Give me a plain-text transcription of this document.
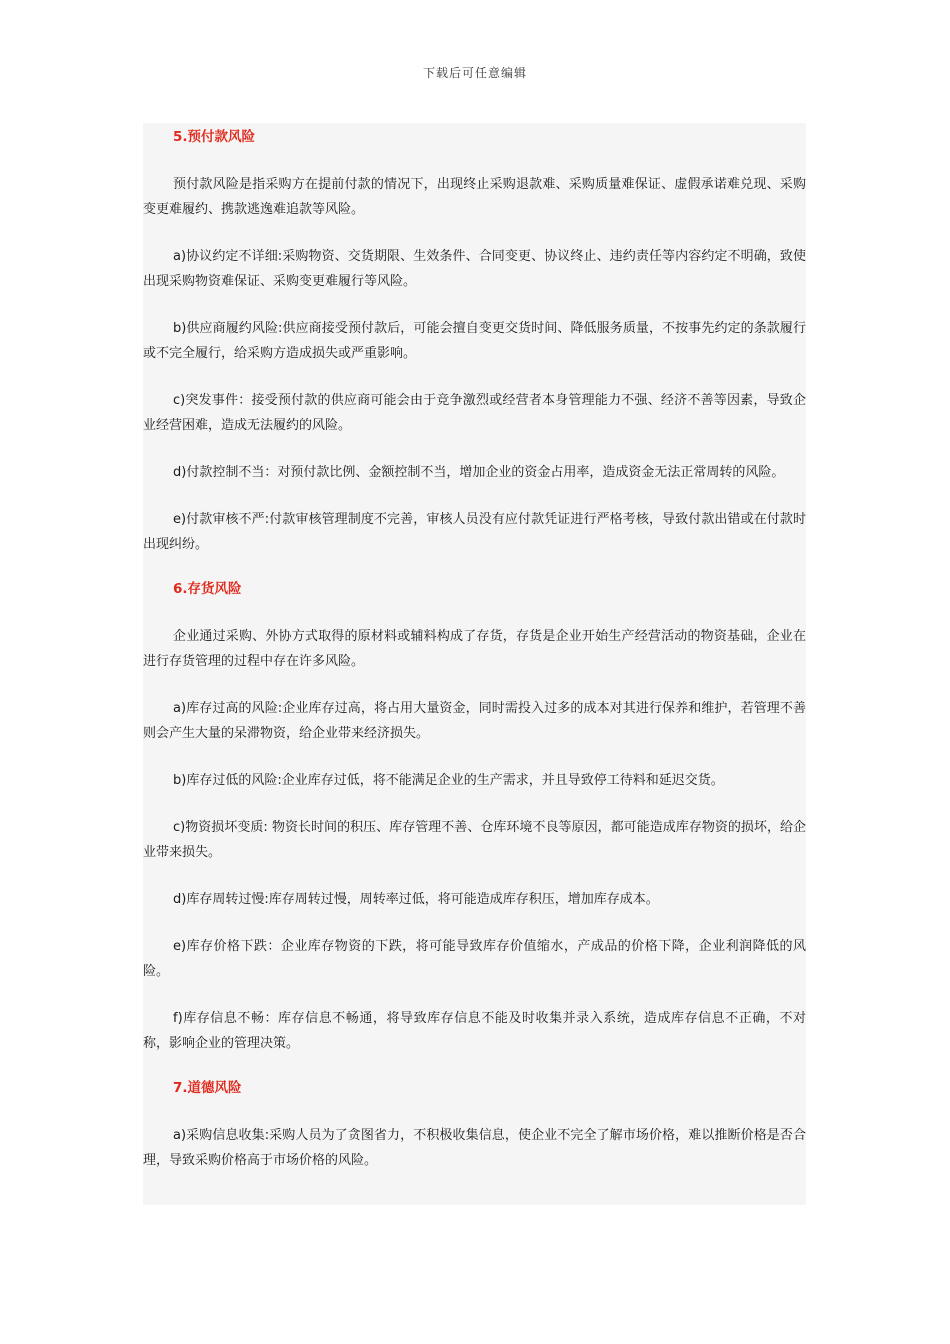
下载后可任意编辑

5.预付款风险

预付款风险是指采购方在提前付款的情况下，出现终止采购退款难、采购质量难保证、虚假承诺难兑现、采购变更难履约、携款逃逸难追款等风险。

a)协议约定不详细:采购物资、交货期限、生效条件、合同变更、协议终止、违约责任等内容约定不明确，致使出现采购物资难保证、采购变更难履行等风险。

b)供应商履约风险:供应商接受预付款后，可能会擅自变更交货时间、降低服务质量，不按事先约定的条款履行或不完全履行，给采购方造成损失或严重影响。

c)突发事件：接受预付款的供应商可能会由于竞争激烈或经营者本身管理能力不强、经济不善等因素，导致企业经营困难，造成无法履约的风险。

d)付款控制不当：对预付款比例、金额控制不当，增加企业的资金占用率，造成资金无法正常周转的风险。

e)付款审核不严:付款审核管理制度不完善，审核人员没有应付款凭证进行严格考核，导致付款出错或在付款时出现纠纷。

6.存货风险

企业通过采购、外协方式取得的原材料或辅料构成了存货，存货是企业开始生产经营活动的物资基础，企业在进行存货管理的过程中存在许多风险。

a)库存过高的风险:企业库存过高，将占用大量资金，同时需投入过多的成本对其进行保养和维护，若管理不善则会产生大量的呆滞物资，给企业带来经济损失。

b)库存过低的风险:企业库存过低，将不能满足企业的生产需求，并且导致停工待料和延迟交货。

c)物资损坏变质: 物资长时间的积压、库存管理不善、仓库环境不良等原因，都可能造成库存物资的损坏，给企业带来损失。

d)库存周转过慢:库存周转过慢，周转率过低，将可能造成库存积压，增加库存成本。

e)库存价格下跌：企业库存物资的下跌，将可能导致库存价值缩水，产成品的价格下降，企业利润降低的风险。

f)库存信息不畅：库存信息不畅通，将导致库存信息不能及时收集并录入系统，造成库存信息不正确，不对称，影响企业的管理决策。

7.道德风险

a)采购信息收集:采购人员为了贪图省力，不积极收集信息，使企业不完全了解市场价格，难以推断价格是否合理，导致采购价格高于市场价格的风险。
